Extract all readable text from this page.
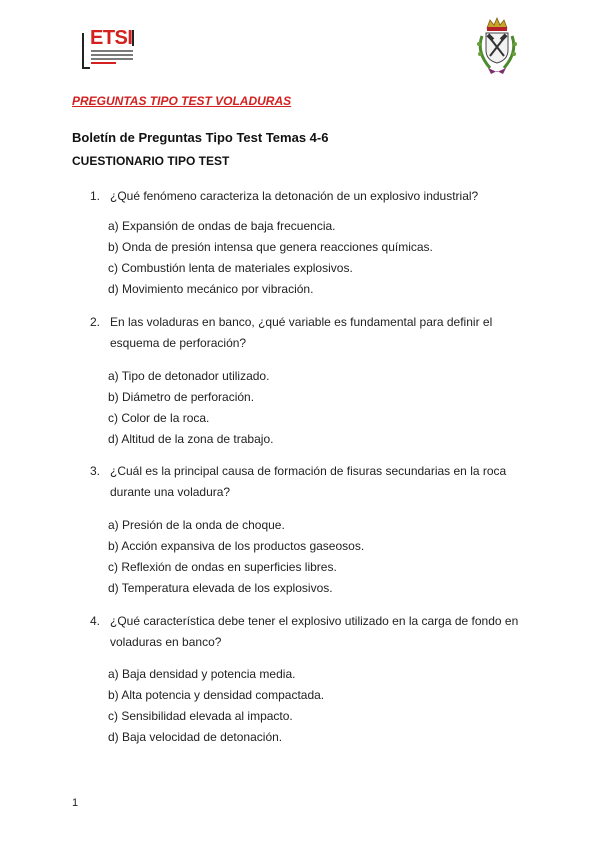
ETSI
PREGUNTAS TIPO TEST VOLADURAS
Boletín de Preguntas Tipo Test Temas 4-6
CUESTIONARIO TIPO TEST
1. ¿Qué fenómeno caracteriza la detonación de un explosivo industrial?
a) Expansión de ondas de baja frecuencia.
b) Onda de presión intensa que genera reacciones químicas.
c) Combustión lenta de materiales explosivos.
d) Movimiento mecánico por vibración.
2. En las voladuras en banco, ¿qué variable es fundamental para definir el esquema de perforación?
a) Tipo de detonador utilizado.
b) Diámetro de perforación.
c) Color de la roca.
d) Altitud de la zona de trabajo.
3. ¿Cuál es la principal causa de formación de fisuras secundarias en la roca durante una voladura?
a) Presión de la onda de choque.
b) Acción expansiva de los productos gaseosos.
c) Reflexión de ondas en superficies libres.
d) Temperatura elevada de los explosivos.
4. ¿Qué característica debe tener el explosivo utilizado en la carga de fondo en voladuras en banco?
a) Baja densidad y potencia media.
b) Alta potencia y densidad compactada.
c) Sensibilidad elevada al impacto.
d) Baja velocidad de detonación.
1
